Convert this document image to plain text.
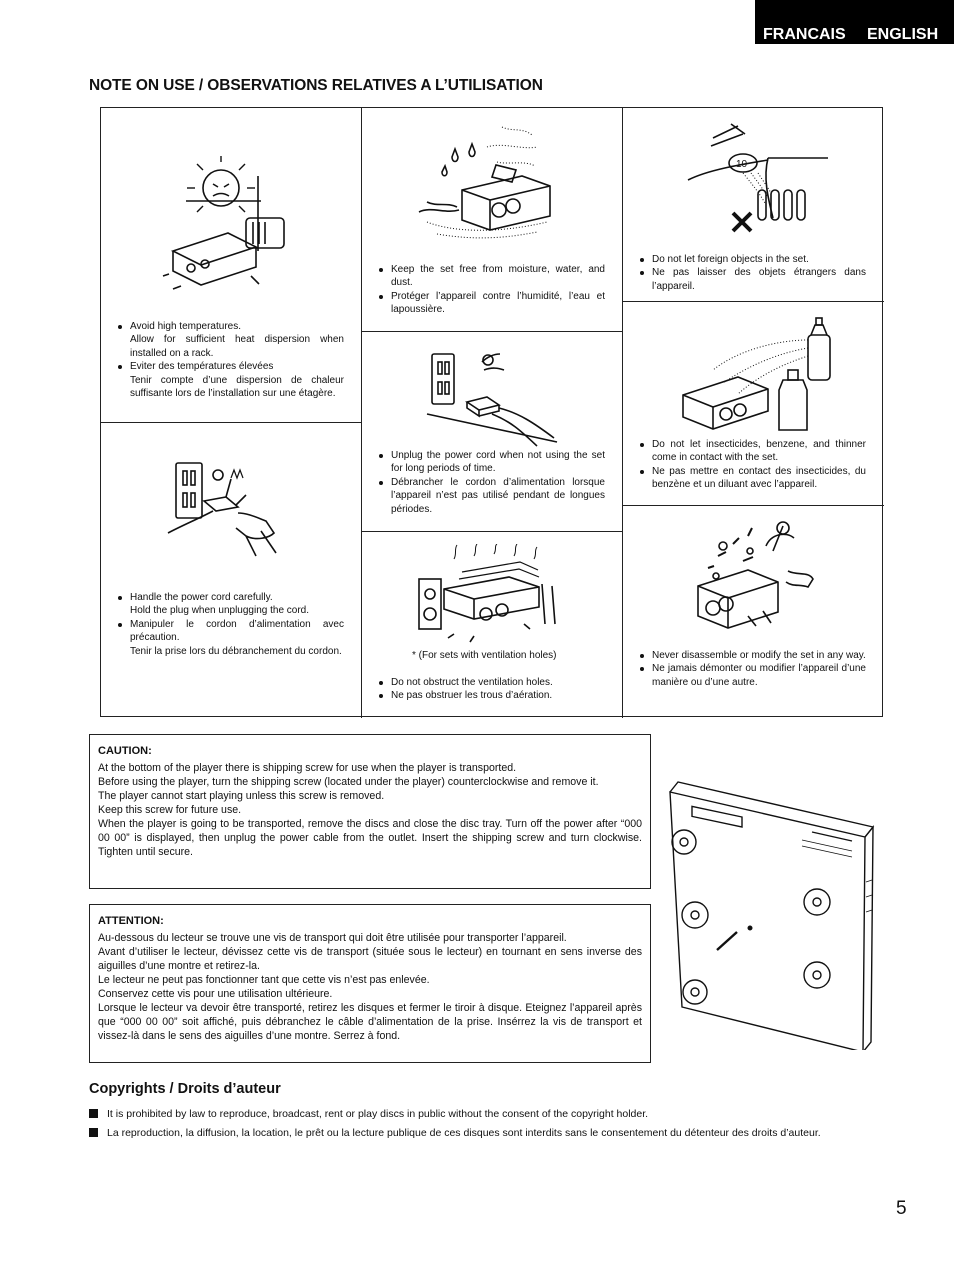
FRANCAIS ENGLISH
NOTE ON USE / OBSERVATIONS RELATIVES A L’UTILISATION
Avoid high temperatures.
Allow for sufficient heat dispersion when installed on a rack.
Eviter des températures élevées
Tenir compte d’une dispersion de chaleur suffisante lors de l’installation sur une étagère.
Keep the set free from moisture, water, and dust.
Protéger l’appareil contre l’humidité, l’eau et lapoussière.
10
Do not let foreign objects in the set.
Ne pas laisser des objets étrangers dans l’appareil.
Unplug the power cord when not using the set for long periods of time.
Débrancher le cordon d’alimentation lorsque l’appareil n’est pas utilisé pendant de longues périodes.
Do not let insecticides, benzene, and thinner come in contact with the set.
Ne pas mettre en contact des insecticides, du benzène et un diluant avec l’appareil.
Handle the power cord carefully.
Hold the plug when unplugging the cord.
Manipuler le cordon d’alimentation avec précaution.
Tenir la prise lors du débranchement du cordon.	* (For sets with ventilation holes)
Do not obstruct the ventilation holes.
Ne pas obstruer les trous d’aération.
Never disassemble or modify the set in any way.
Ne jamais démonter ou modifier l’appareil d’une manière ou d’une autre.
CAUTION:

At the bottom of the player there is shipping screw for use when the player is transported.

Before using the player, turn the shipping screw (located under the player) counterclockwise and remove it.

The player cannot start playing unless this screw is removed.

Keep this screw for future use.

When the player is going to be transported, remove the discs and close the disc tray. Turn off the power after “000 00 00” is displayed, then unplug the power cable from the outlet. Insert the shipping screw and turn clockwise. Tighten until secure.

ATTENTION:

Au-dessous du lecteur se trouve une vis de transport qui doit être utilisée pour transporter l’appareil.

Avant d’utiliser le lecteur, dévissez cette vis de transport (située sous le lecteur) en tournant en sens inverse des aiguilles d’une montre et retirez-la.

Le lecteur ne peut pas fonctionner tant que cette vis n’est pas enlevée.

Conservez cette vis pour une utilisation ultérieure.

Lorsque le lecteur va devoir être transporté, retirez les disques et fermer le tiroir à disque. Eteignez l’appareil après que “000 00 00” soit affiché, puis débranchez le câble d’alimentation de la prise. Insérrez la vis de transport et vissez-là dans le sens des aiguilles d’une montre. Serrez à fond.

Copyrights / Droits d’auteur
It is prohibited by law to reproduce, broadcast, rent or play discs in public without the consent of the copyright holder.
La reproduction, la diffusion, la location, le prêt ou la lecture publique de ces disques sont interdits sans le consentement du détenteur des droits d’auteur.
5
